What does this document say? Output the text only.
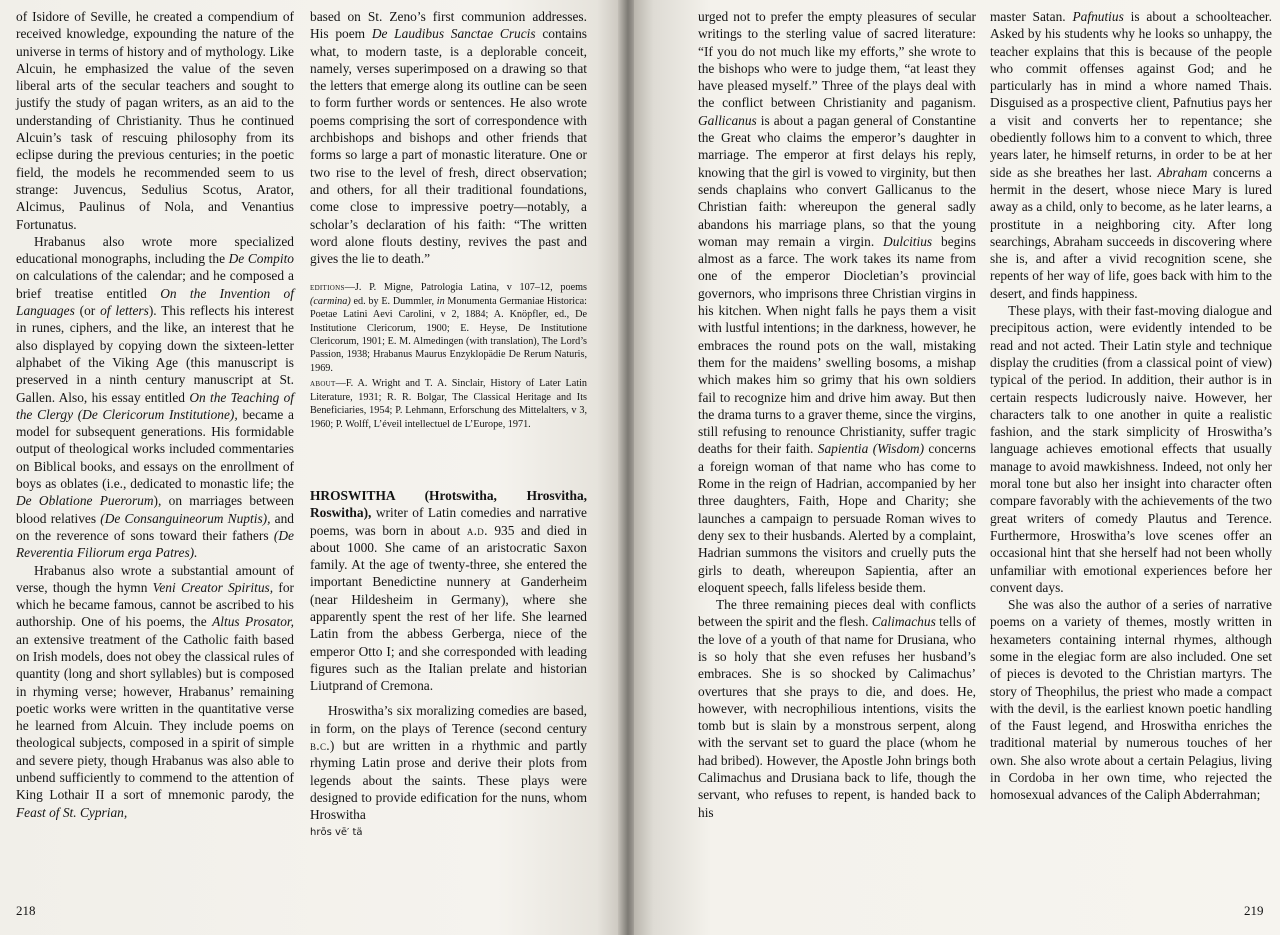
of Isidore of Seville, he created a compendium of received knowledge, expounding the nature of the universe in terms of history and of mythology. Like Alcuin, he emphasized the value of the seven liberal arts of the secular teachers and sought to justify the study of pagan writers, as an aid to the understanding of Christianity. Thus he continued Alcuin’s task of rescuing philosophy from its eclipse during the previous centuries; in the poetic field, the models he recommended seem to us strange: Juvencus, Sedulius Scotus, Arator, Alcimus, Paulinus of Nola, and Venantius Fortunatus.

Hrabanus also wrote more specialized educational monographs, including the De Compito on calculations of the calendar; and he composed a brief treatise entitled On the Invention of Languages (or of letters). This reflects his interest in runes, ciphers, and the like, an interest that he also displayed by copying down the sixteen-letter alphabet of the Viking Age (this manuscript is preserved in a ninth century manuscript at St. Gallen. Also, his essay entitled On the Teaching of the Clergy (De Clericorum Institutione), became a model for subsequent generations. His formidable output of theological works included commentaries on Biblical books, and essays on the enrollment of boys as oblates (i.e., dedicated to monastic life; the De Oblatione Puerorum), on marriages between blood relatives (De Consanguineorum Nuptis), and on the reverence of sons toward their fathers (De Reverentia Filiorum erga Patres).

Hrabanus also wrote a substantial amount of verse, though the hymn Veni Creator Spiritus, for which he became famous, cannot be ascribed to his authorship. One of his poems, the Altus Prosator, an extensive treatment of the Catholic faith based on Irish models, does not obey the classical rules of quantity (long and short syllables) but is composed in rhyming verse; however, Hrabanus’ remaining poetic works were written in the quantitative verse he learned from Alcuin. They include poems on theological subjects, composed in a spirit of simple and severe piety, though Hrabanus was also able to unbend sufficiently to commend to the attention of King Lothair II a sort of mnemonic parody, the Feast of St. Cyprian,

based on St. Zeno’s first communion addresses. His poem De Laudibus Sanctae Crucis contains what, to modern taste, is a deplorable conceit, namely, verses superimposed on a drawing so that the letters that emerge along its outline can be seen to form further words or sentences. He also wrote poems comprising the sort of correspondence with archbishops and bishops and other friends that forms so large a part of monastic literature. One or two rise to the level of fresh, direct observation; and others, for all their traditional foundations, come close to impressive poetry—notably, a scholar’s declaration of his faith: “The written word alone flouts destiny, revives the past and gives the lie to death.”

editions—J. P. Migne, Patrologia Latina, v 107–12, poems (carmina) ed. by E. Dummler, in Monumenta Germaniae Historica: Poetae Latini Aevi Carolini, v 2, 1884; A. Knöpfler, ed., De Institutione Clericorum, 1900; E. Heyse, De Institutione Clericorum, 1901; E. M. Almedingen (with translation), The Lord’s Passion, 1938; Hrabanus Maurus Enzyklopädie De Rerum Naturis, 1969.

about—F. A. Wright and T. A. Sinclair, History of Later Latin Literature, 1931; R. R. Bolgar, The Classical Heritage and Its Beneficiaries, 1954; P. Lehmann, Erforschung des Mittelalters, v 3, 1960; P. Wolff, L’éveil intellectuel de L’Europe, 1971.

HROSWITHA (Hrotswitha, Hrosvitha, Roswitha), writer of Latin comedies and narrative poems, was born in about a.d. 935 and died in about 1000. She came of an aristocratic Saxon family. At the age of twenty-three, she entered the important Benedictine nunnery at Ganderheim (near Hildesheim in Germany), where she apparently spent the rest of her life. She learned Latin from the abbess Gerberga, niece of the emperor Otto I; and she corresponded with leading figures such as the Italian prelate and historian Liutprand of Cremona.

Hroswitha’s six moralizing comedies are based, in form, on the plays of Terence (second century b.c.) but are written in a rhythmic and partly rhyming Latin prose and derive their plots from legends about the saints. These plays were designed to provide edification for the nuns, whom Hroswitha

hrōs vē′ tä

218

urged not to prefer the empty pleasures of secular writings to the sterling value of sacred literature: “If you do not much like my efforts,” she wrote to the bishops who were to judge them, “at least they have pleased myself.” Three of the plays deal with the conflict between Christianity and paganism. Gallicanus is about a pagan general of Constantine the Great who claims the emperor’s daughter in marriage. The emperor at first delays his reply, knowing that the girl is vowed to virginity, but then sends chaplains who convert Gallicanus to the Christian faith: whereupon the general sadly abandons his marriage plans, so that the young woman may remain a virgin. Dulcitius begins almost as a farce. The work takes its name from one of the emperor Diocletian’s provincial governors, who imprisons three Christian virgins in his kitchen. When night falls he pays them a visit with lustful intentions; in the darkness, however, he embraces the round pots on the wall, mistaking them for the maidens’ swelling bosoms, a mishap which makes him so grimy that his own soldiers fail to recognize him and drive him away. But then the drama turns to a graver theme, since the virgins, still refusing to renounce Christianity, suffer tragic deaths for their faith. Sapientia (Wisdom) concerns a foreign woman of that name who has come to Rome in the reign of Hadrian, accompanied by her three daughters, Faith, Hope and Charity; she launches a campaign to persuade Roman wives to deny sex to their husbands. Alerted by a complaint, Hadrian summons the visitors and cruelly puts the girls to death, whereupon Sapientia, after an eloquent speech, falls lifeless beside them.

The three remaining pieces deal with conflicts between the spirit and the flesh. Calimachus tells of the love of a youth of that name for Drusiana, who is so holy that she even refuses her husband’s embraces. She is so shocked by Calimachus’ overtures that she prays to die, and does. He, however, with necrophilious intentions, visits the tomb but is slain by a monstrous serpent, along with the servant set to guard the place (whom he had bribed). However, the Apostle John brings both Calimachus and Drusiana back to life, though the servant, who refuses to repent, is handed back to his

master Satan. Pafnutius is about a schoolteacher. Asked by his students why he looks so unhappy, the teacher explains that this is because of the people who commit offenses against God; and he particularly has in mind a whore named Thais. Disguised as a prospective client, Pafnutius pays her a visit and converts her to repentance; she obediently follows him to a convent to which, three years later, he himself returns, in order to be at her side as she breathes her last. Abraham concerns a hermit in the desert, whose niece Mary is lured away as a child, only to become, as he later learns, a prostitute in a neighboring city. After long searchings, Abraham succeeds in discovering where she is, and after a vivid recognition scene, she repents of her way of life, goes back with him to the desert, and finds happiness.

These plays, with their fast-moving dialogue and precipitous action, were evidently intended to be read and not acted. Their Latin style and technique display the crudities (from a classical point of view) typical of the period. In addition, their author is in certain respects ludicrously naive. However, her characters talk to one another in quite a realistic fashion, and the stark simplicity of Hroswitha’s language achieves emotional effects that usually manage to avoid mawkishness. Indeed, not only her moral tone but also her insight into character often compare favorably with the achievements of the two great writers of comedy Plautus and Terence. Furthermore, Hroswitha’s love scenes offer an occasional hint that she herself had not been wholly unfamiliar with emotional experiences before her convent days.

She was also the author of a series of narrative poems on a variety of themes, mostly written in hexameters containing internal rhymes, although some in the elegiac form are also included. One set of pieces is devoted to the Christian martyrs. The story of Theophilus, the priest who made a compact with the devil, is the earliest known poetic handling of the Faust legend, and Hroswitha enriches the traditional material by numerous touches of her own. She also wrote about a certain Pelagius, living in Cordoba in her own time, who rejected the homosexual advances of the Caliph Abderrahman;

219
